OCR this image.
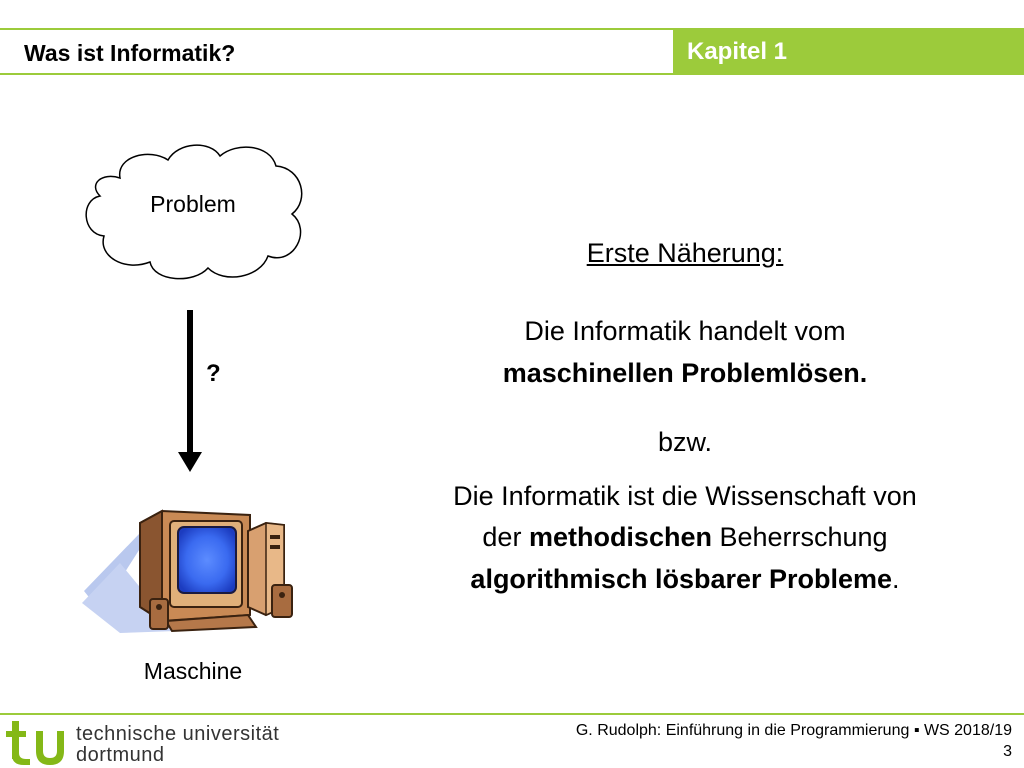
Was ist Informatik?	Kapitel 1
Problem
?
Maschine
Erste Näherung:
Die Informatik handelt vom
maschinellen Problemlösen.
bzw.
Die Informatik ist die Wissenschaft von
der methodischen Beherrschung
algorithmisch lösbarer Probleme.
technische universität
dortmund
G. Rudolph: Einführung in die Programmierung ▪ WS 2018/19
3
